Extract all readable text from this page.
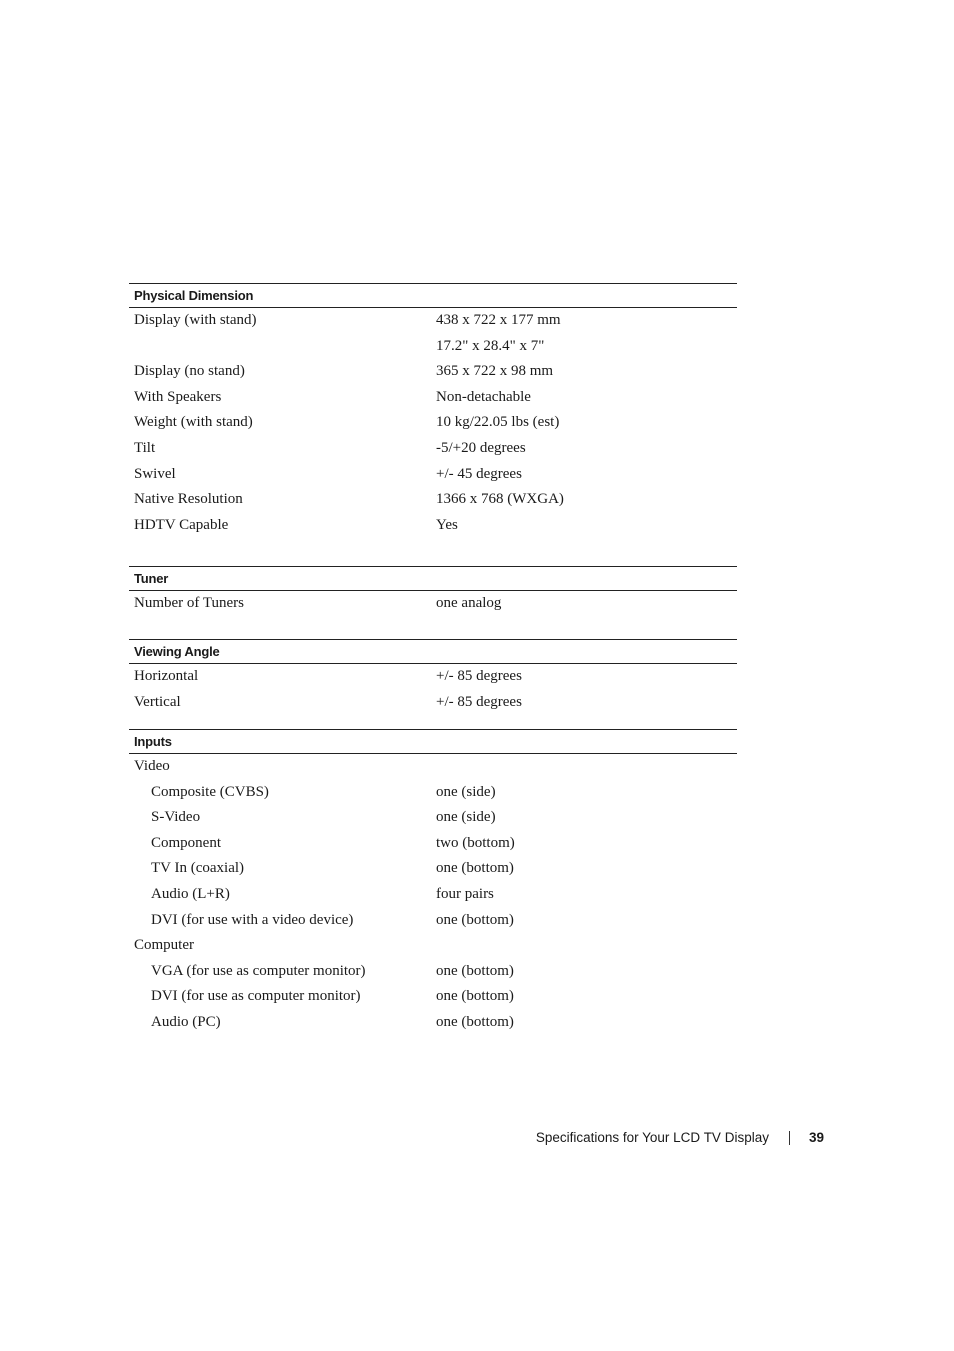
Physical Dimension
Display (with stand)	438 x 722 x 177 mm
17.2" x 28.4" x 7"
Display (no stand)	365 x 722 x 98 mm
With Speakers	Non-detachable
Weight (with stand)	10 kg/22.05 lbs (est)
Tilt	-5/+20 degrees
Swivel	+/- 45 degrees
Native Resolution	1366 x 768 (WXGA)
HDTV Capable	Yes
Tuner
Number of Tuners	one analog
Viewing Angle
Horizontal	+/- 85 degrees
Vertical	+/- 85 degrees
Inputs
Video
Composite (CVBS)	one (side)
S-Video	one (side)
Component	two (bottom)
TV In (coaxial)	one (bottom)
Audio (L+R)	four pairs
DVI (for use with a video device)	one (bottom)
Computer
VGA (for use as computer monitor)	one (bottom)
DVI (for use as computer monitor)	one (bottom)
Audio (PC)	one (bottom)
Specifications for Your LCD TV Display	39
